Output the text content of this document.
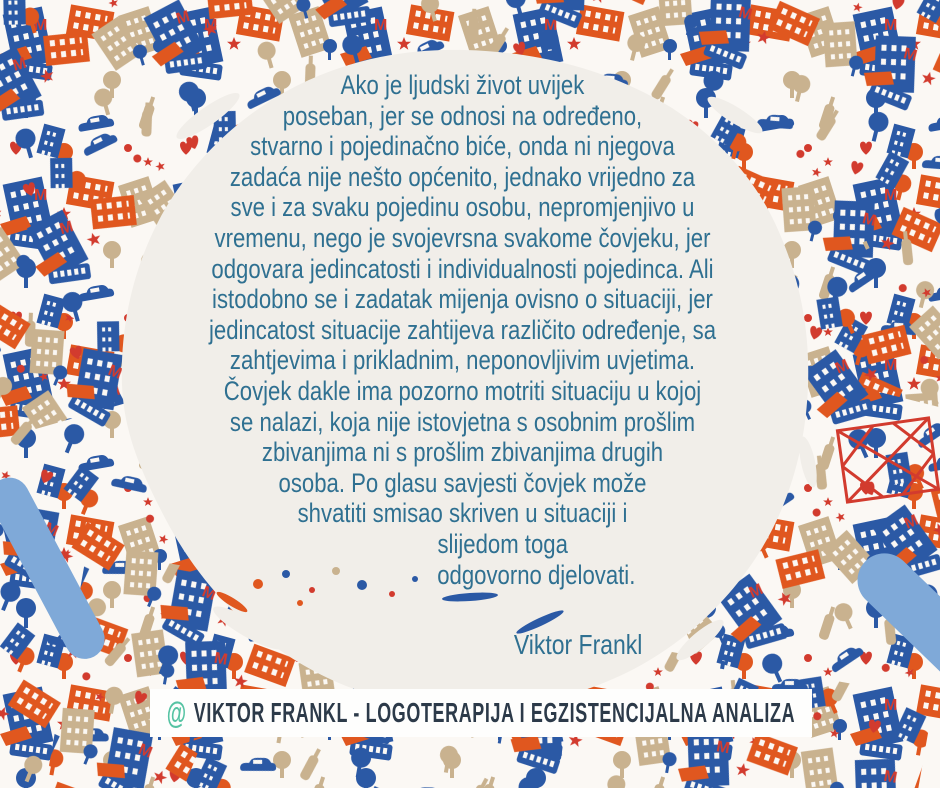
Ako je ljudski život uvijek
poseban, jer se odnosi na određeno,
stvarno i pojedinačno biće, onda ni njegova
zadaća nije nešto općenito, jednako vrijedno za
sve i za svaku pojedinu osobu, nepromjenjivo u
vremenu, nego je svojevrsna svakome čovjeku, jer
odgovara jedincatosti i individualnosti pojedinca. Ali
istodobno se i zadatak mijenja ovisno o situaciji, jer
jedincatost situacije zahtijeva različito određenje, sa
zahtjevima i prikladnim, neponovljivim uvjetima.
Čovjek dakle ima pozorno motriti situaciju u kojoj
se nalazi, koja nije istovjetna s osobnim prošlim
zbivanjima ni s prošlim zbivanjima drugih
osoba. Po glasu savjesti čovjek može
shvatiti smisao skriven u situaciji i
slijedom toga
odgovorno djelovati.
Viktor Frankl
@ VIKTOR FRANKL - LOGOTERAPIJA I EGZISTENCIJALNA ANALIZA
